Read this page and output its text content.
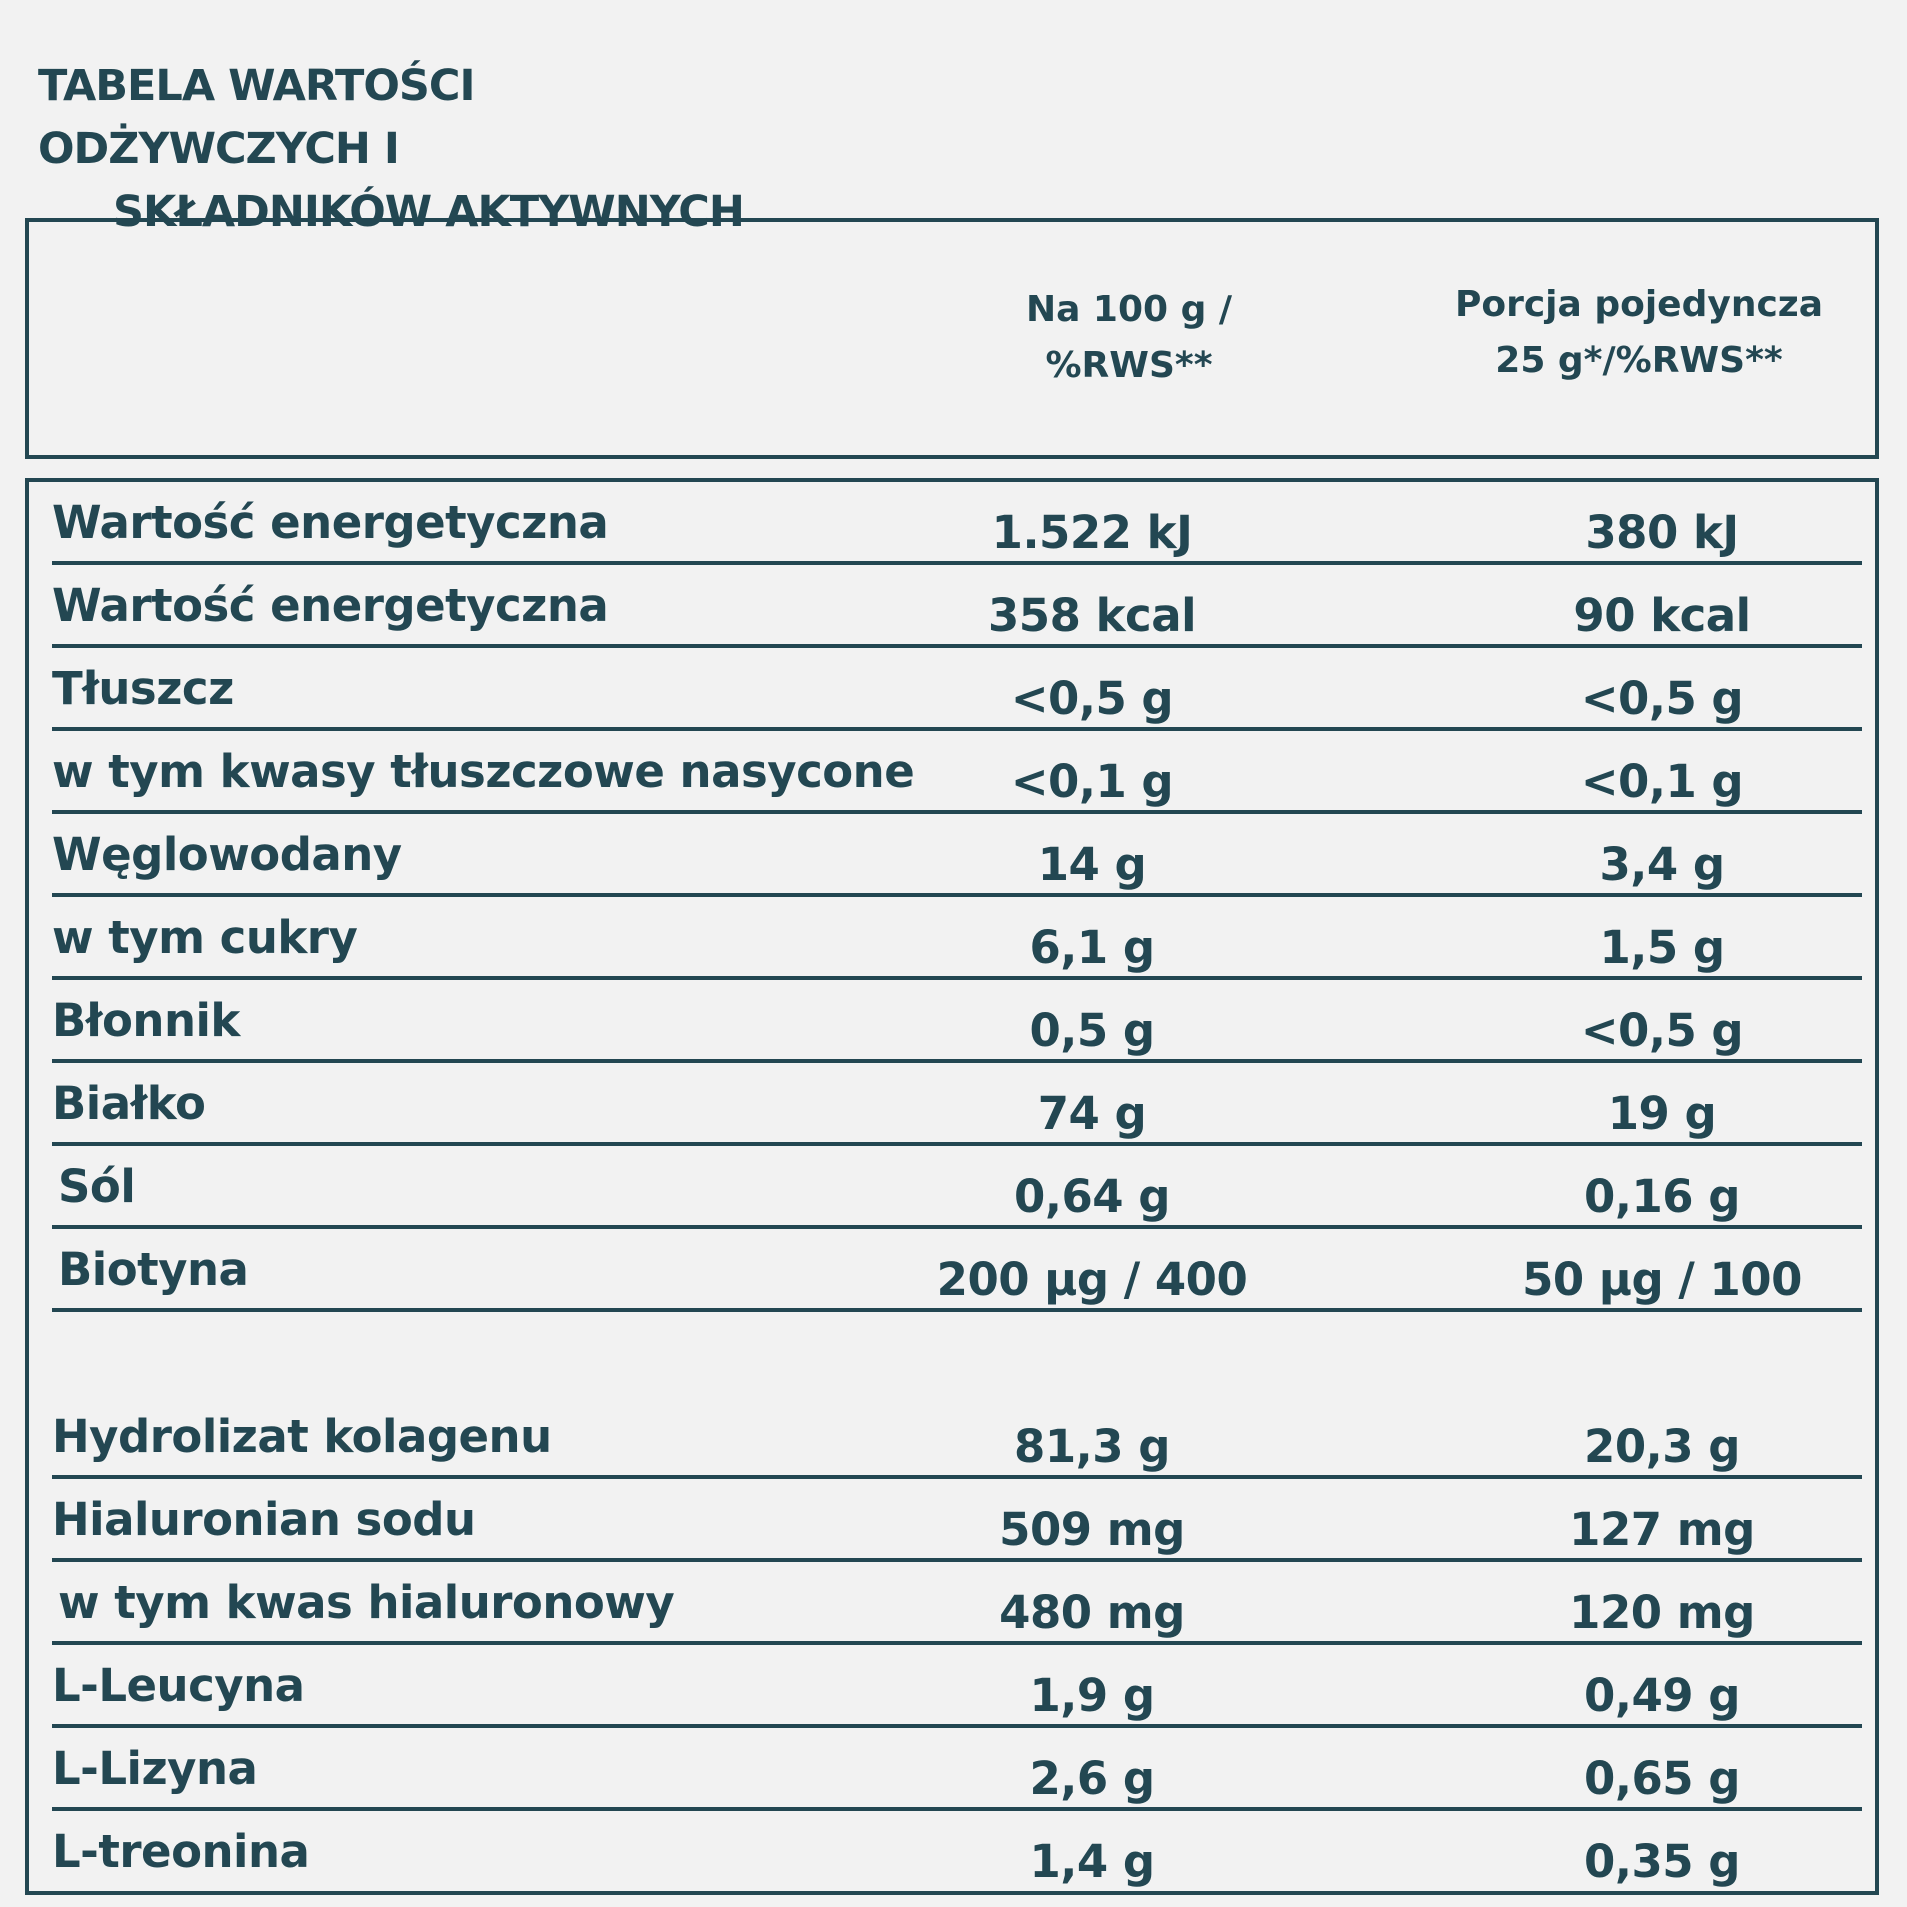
TABELA WARTOŚCI ODŻYWCZYCH I
SKŁADNIKÓW AKTYWNYCH
Na 100 g /
%RWS**
Porcja pojedyncza
25 g*/%RWS**
Wartość energetyczna	1.522 kJ	380 kJ
Wartość energetyczna	358 kcal	90 kcal
Tłuszcz	<0,5 g	<0,5 g
w tym kwasy tłuszczowe nasycone	<0,1 g	<0,1 g
Węglowodany	14 g	3,4 g
w tym cukry	6,1 g	1,5 g
Błonnik	0,5 g	<0,5 g
Białko	74 g	19 g
Sól	0,64 g	0,16 g
Biotyna	200 µg / 400	50 µg / 100
Hydrolizat kolagenu	81,3 g	20,3 g
Hialuronian sodu	509 mg	127 mg
w tym kwas hialuronowy	480 mg	120 mg
L-Leucyna	1,9 g	0,49 g
L-Lizyna	2,6 g	0,65 g
L-treonina	1,4 g	0,35 g
